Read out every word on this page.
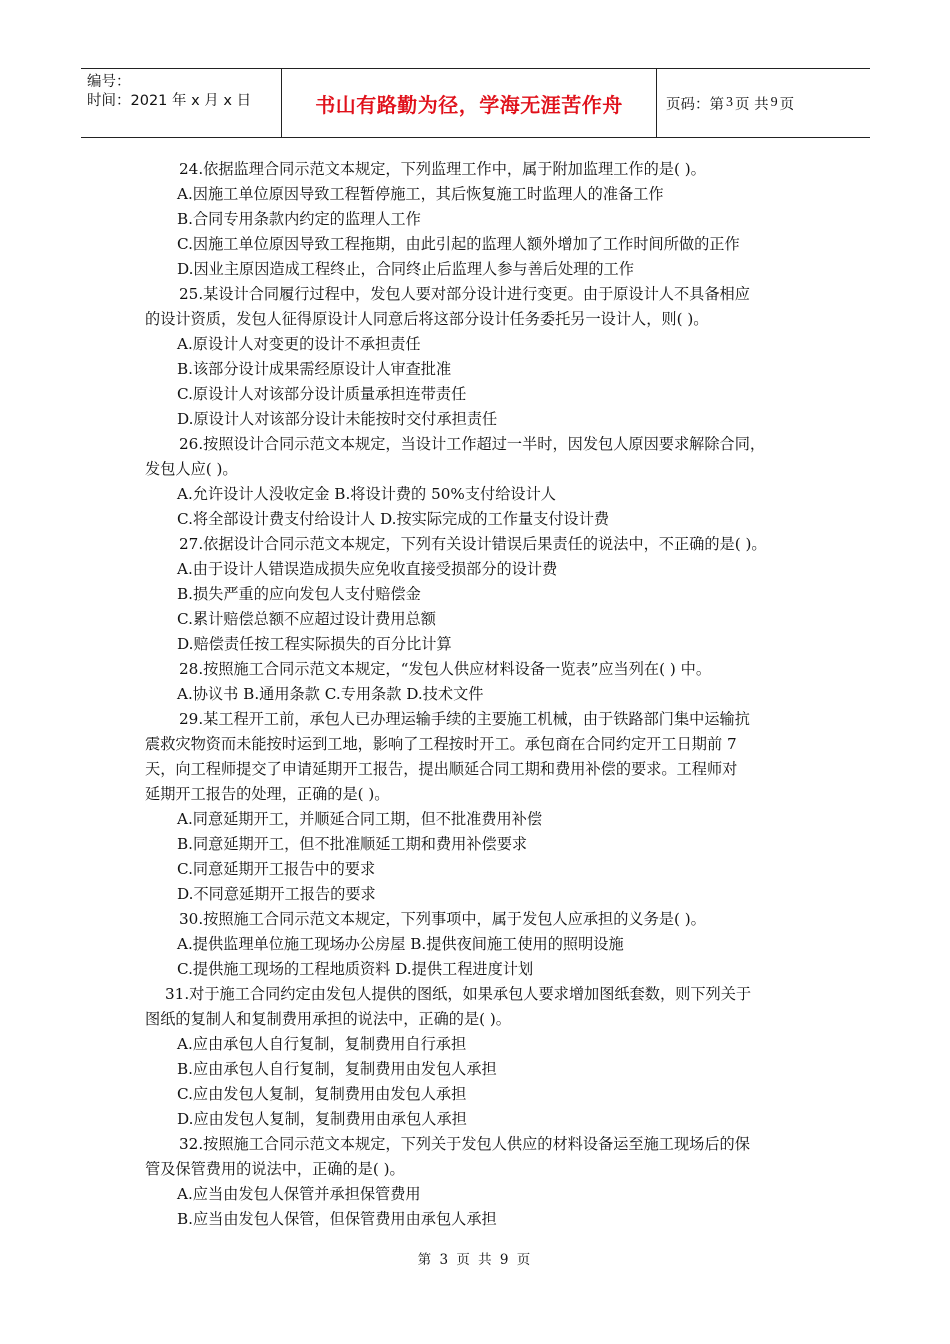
编号：
时间：2021 年 x 月 x 日	书山有路勤为径，学海无涯苦作舟	页码：第 3 页 共 9 页
24.依据监理合同示范文本规定，下列监理工作中，属于附加监理工作的是( )。
A.因施工单位原因导致工程暂停施工，其后恢复施工时监理人的准备工作
B.合同专用条款内约定的监理人工作
C.因施工单位原因导致工程拖期，由此引起的监理人额外增加了工作时间所做的正作
D.因业主原因造成工程终止，合同终止后监理人参与善后处理的工作
25.某设计合同履行过程中，发包人要对部分设计进行变更。由于原设计人不具备相应
的设计资质，发包人征得原设计人同意后将这部分设计任务委托另一设计人，则( )。
A.原设计人对变更的设计不承担责任
B.该部分设计成果需经原设计人审查批准
C.原设计人对该部分设计质量承担连带责任
D.原设计人对该部分设计未能按时交付承担责任
26.按照设计合同示范文本规定，当设计工作超过一半时，因发包人原因要求解除合同，
发包人应( )。
A.允许设计人没收定金 B.将设计费的 50%支付给设计人
C.将全部设计费支付给设计人 D.按实际完成的工作量支付设计费
27.依据设计合同示范文本规定，下列有关设计错误后果责任的说法中，不正确的是( )。
A.由于设计人错误造成损失应免收直接受损部分的设计费
B.损失严重的应向发包人支付赔偿金
C.累计赔偿总额不应超过设计费用总额
D.赔偿责任按工程实际损失的百分比计算
28.按照施工合同示范文本规定，“发包人供应材料设备一览表”应当列在( ) 中。
A.协议书 B.通用条款 C.专用条款 D.技术文件
29.某工程开工前，承包人已办理运输手续的主要施工机械，由于铁路部门集中运输抗
震救灾物资而未能按时运到工地，影响了工程按时开工。承包商在合同约定开工日期前 7
天，向工程师提交了申请延期开工报告，提出顺延合同工期和费用补偿的要求。工程师对
延期开工报告的处理，正确的是( )。
A.同意延期开工，并顺延合同工期，但不批准费用补偿
B.同意延期开工，但不批准顺延工期和费用补偿要求
C.同意延期开工报告中的要求
D.不同意延期开工报告的要求
30.按照施工合同示范文本规定，下列事项中，属于发包人应承担的义务是( )。
A.提供监理单位施工现场办公房屋 B.提供夜间施工使用的照明设施
C.提供施工现场的工程地质资料 D.提供工程进度计划
31.对于施工合同约定由发包人提供的图纸，如果承包人要求增加图纸套数，则下列关于
图纸的复制人和复制费用承担的说法中，正确的是( )。
A.应由承包人自行复制，复制费用自行承担
B.应由承包人自行复制，复制费用由发包人承担
C.应由发包人复制，复制费用由发包人承担
D.应由发包人复制，复制费用由承包人承担
32.按照施工合同示范文本规定，下列关于发包人供应的材料设备运至施工现场后的保
管及保管费用的说法中，正确的是( )。
A.应当由发包人保管并承担保管费用
B.应当由发包人保管，但保管费用由承包人承担
第 3 页 共 9 页
